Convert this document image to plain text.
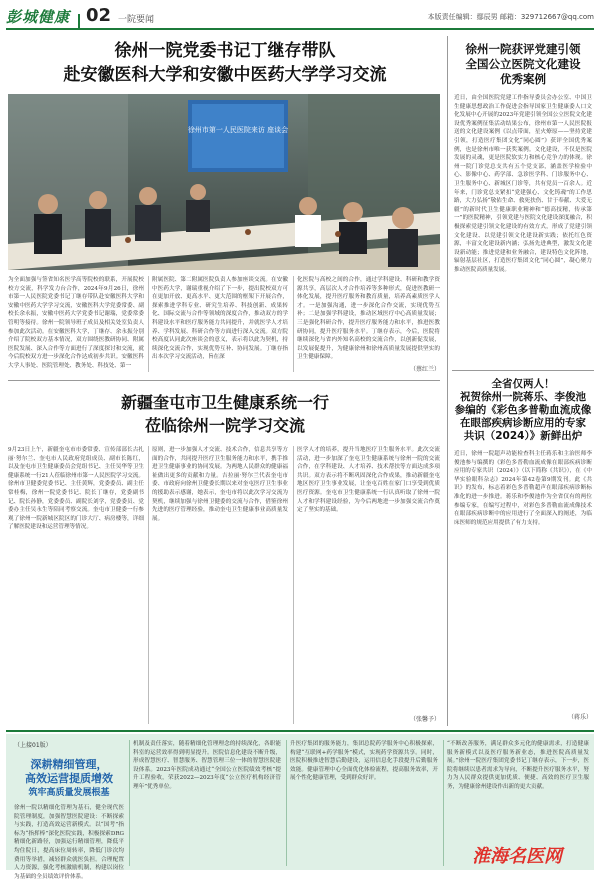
彭城健康 02 一院要闻	本版责任编辑：鄢辰男 邮箱：329712667@qq.com
徐州一院党委书记丁继存带队
赴安徽医科大学和安徽中医药大学学习交流
徐州市第一人民医院来访 座谈会
为全面加强与签省知名医学高等院校的联系，开展院校校方交流，科学发力台合作，2024年9月26日，徐州市第一人民医院党委书记丁继存带队赴安徽医科大学和安徽中医药大学学习交流，安徽医科大学党委常委、副校长余永振，安徽中医药大学党委书记谢瑞，党委常委管明等接待。徐州一院领导班子成员及相关处室负责人参加此次活动。在安徽医科大学，丁继存、余永振分别介绍了院校双方基本情况，双方围绕医教研协同、附属医院发展、深入合作等方面进行了深度探讨和交流，就今后院校双方进一步深化合作达成初步共识。安徽医科大学人事处、医院管理处、教务处、科技处、第一
附属医院、第二附属医院负责人参加座谈交流。在安徽中医药大学，谢瑞重视介绍了下一步，提出院校双方可在更加开放、更高水平、更大范围的框架下开展合作，探索推进学科专业、研究生培养、科技创新、成果转化、国际交流与合作等领域的深度合作，推动双方的学科建设水平和医疗服务能力共同提升，并就医学人才培养、学科发展、科研合作等方面进行深入交流。双方院校高度认同此次座谈会的意义，表示将以此为契机，持续深化交流合作，实现优势互补、协同发展。丁继存指出本次学习交流活动，旨在深
化医院与高校之间的合作，通过学科建设、科研和教学资源共享，高层次人才合作培养等多种形式，促进医教研一体化发展，提升医疗服务和教育质量，培养高素质医学人才。一是加强沟通，进一步深化合作交流，实现优势互补；二是加强学科建设，推动区域医疗中心高质量发展；三是强化科研合作，提升医疗服务能力和水平，推进医教研协同，提升医疗服务水平。丁继存表示，今后，医院将继续深化与省内外知名高校的交流合作，以创新促发展，以发展促提升，为健康徐州和徐州高质量发展提供坚实的卫生健康保障。
（蔡红兰）
徐州一院获评党建引领
全国公立医院文化建设
优秀案例
近日，由全国医院党建工作指导委员会办公室、中国卫生健康思想政治工作促进会指导国家卫生健康委人口文化发展中心开展的2023年党建引领全国公立医院文化建设优秀案例征集活动结果公布，徐州市第一人民医院报送的文化建设案例《以点带面，星火燎原——坚持党建引领，打造医疗集团文化“同心圆”》获评全国优秀案例，也是徐州市唯一获奖案例。文化建设，不仅是医院发展的灵魂，更是医院软实力和核心竞争力的体现。徐州一院门诊党总支共有五个党支部，涵盖医学检验中心、影像中心、药学部、急诊医学科、门诊服务中心、卫生服务中心、新城区门诊等，共有党员一百余人。近年来，门诊党总支紧扣“党建强心、文化铸魂”的工作思路，大力弘扬“敬佑生命、救死扶伤、甘于奉献、大爱无疆”的新时代卫生健康职业精神和“德高技精，传承第一”的医院精神，引领党建与医院文化建设深度融合，积极探索党建引领文化建设的有效方式，形成了党建引领文化建设、以党建引领文化建设新实践；依托红色资源，丰富文化建设新内涵；弘扬先进典型，激发文化建设新动能；推进党建和业务融合，建设特色文化阵地，辐射基层社区，打造医疗集团文化“同心圆”，凝心聚力推动医院高质量发展。
全省仅两人！
祝贺徐州一院蒋乐、李俊池
参编的《彩色多普勒血流成像
在眼部疾病诊断应用的专家
共识（2024）》新鲜出炉
近日，徐州一院超声功能检查科主任蒋乐和主治医师李俊池参与编撰的《彩色多普勒血流成像在眼部疾病诊断应用的专家共识（2024）》（以下简称《共识》），在《中华实验眼科杂志》2024年第42卷第9期发刊。此《共识》的发布，标志着彩色多普勒超声在眼部疾病诊断标准化的进一步推进。蒋乐和李俊池作为全省仅有的两位参编专家，在编写过程中，对彩色多普勒血流成像技术在眼部疾病诊断中的应用进行了全面深入的阐述，为临床医师的规范应用提供了有力支持。
（蒋乐）
新疆奎屯市卫生健康系统一行
莅临徐州一院学习交流
9月23日上午，新疆奎屯市市委常委、宣传部部长古扎丽·努尔兰、奎屯市人民政府党组成员、副市长陈红，以及奎屯市卫生健康委员会党组书记、主任吴华等卫生健康系统一行21人莅临徐州市第一人民医院学习交流。徐州市卫健委党委书记、主任黄辉，党委委员、副主任常桂梅，徐州一院党委书记、院长丁继存，党委副书记、院长孙静，党委委员、副院长刘学，党委委员、党委办主任吴永生等陪同考察交流。奎屯市卫健委一行参观了徐州一院新城区院区的门诊大厅、病房楼等，详细了解医院建设和运营管理等情况。
原则，进一步加强人才交流、技术合作，信息共享等方面的合作，共同提升医疗卫生服务能力和水平，携手推进卫生健康事业的协同发展。为两地人民群众的健康福祉做出更多的贡献和力量。吉拉丽·努尔兰代表奎屯市委、市政府向徐州卫健委长期以来对奎屯医疗卫生事业的援助表示感谢，她表示，奎屯市将以此次学习交流为契机，继续加强与徐州卫健委的交流与合作，借鉴徐州先进的医疗管理经验，推动奎屯卫生健康事业高质量发展。
医学人才的培养，提升当地医疗卫生服务水平。此次交流活动，进一步加深了奎屯卫生健康系统与徐州一院的交流合作，在学科建设、人才培养、技术帮扶等方面达成多项共识。双方表示将不断巩固深化合作成果，推动新疆奎屯地区医疗卫生事业发展，让奎屯百姓在家门口享受到优质医疗资源。奎屯市卫生健康系统一行认真听取了徐州一院人才和学科建设经验，为今后两地进一步加强交流合作奠定了坚实的基础。
（张馨予）
（上接01版）
深耕精细管理，
高效运营提质增效
筑牢高质量发展根基
徐州一院以精细化管理为基石，健全现代医院管理制度，加强智慧医院建设：不断探索与实践，打造高效运营新模式。以“国考”指标为“指挥棒”深化医院实践，积极探索DRG精细化新路径，加强运行精细管理，降低平均住院日，提高床位周转率，降低门诊次均费用等举措，减轻群众就医负担。合理配置人力资源，强化考核激励机制，构建以岗位为基础的全员绩效评价体系。
机制及责任落实，随着精细化管理理念的持续深化，各职能科室的运营效率得到明显提升。医院信息化建设不断升级，形成智慧医疗、智慧服务、智慧管理三位一体的智慧医院建设体系。2023年医院成功通过“全国公立医院绩效考核”提升工程验收，荣获2022—2023年度“公立医疗机构经济管理年”优秀单位。
升医疗集团的服务能力，集团总院药学服务中心积极探索，构建“互联网+药学服务”模式，实现药学资源共享。同时，医院积极推进智慧后勤建设，运用信息化手段提升后勤服务效能。健康管理中心全面优化体检流程，提高服务效率，开展个性化健康管理，受到群众好评。
“不断改善服务，满足群众多元化的健康需求，打造健康服务新模式以及医疗服务新业态，推进医院高质量发展。”徐州一院医疗集团党委书记丁继存表示，下一步，医院将继续以患者需求为导向，不断提升医疗服务水平，努力为人民群众提供更加优质、便捷、高效的医疗卫生服务，为健康徐州建设作出新的更大贡献。
淮海名医网
